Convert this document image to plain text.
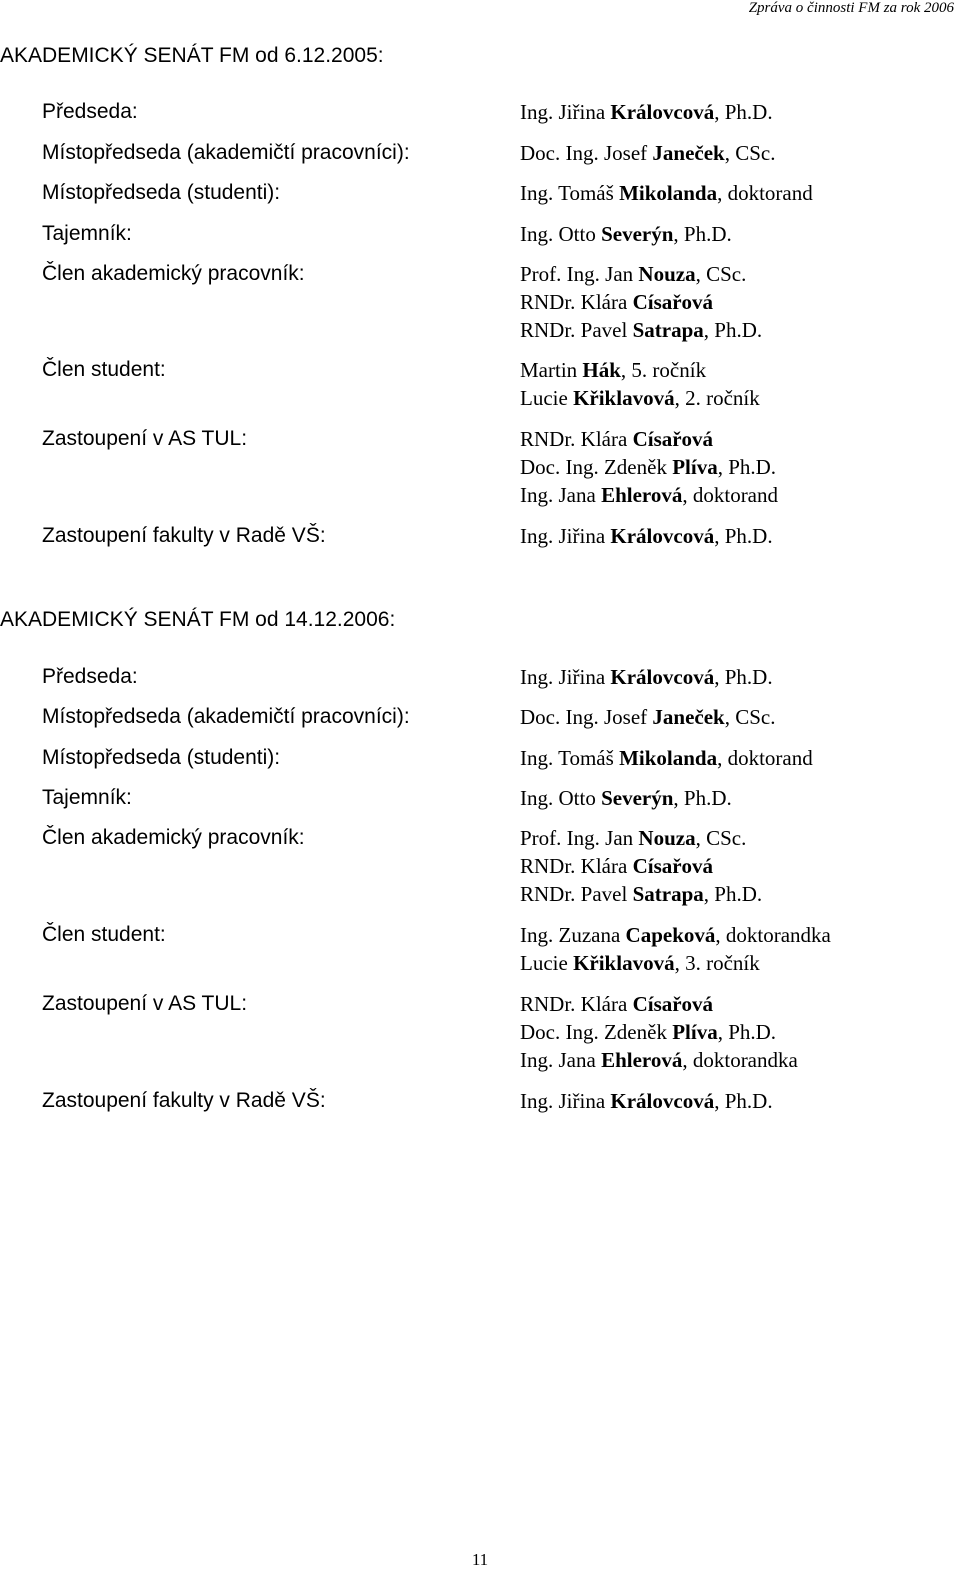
Zpráva o činnosti FM za rok 2006
AKADEMICKÝ SENÁT FM od 6.12.2005:
Předseda:	Ing. Jiřina Královcová, Ph.D.
Místopředseda (akademičtí pracovníci):	Doc. Ing. Josef Janeček, CSc.
Místopředseda (studenti):	Ing. Tomáš Mikolanda, doktorand
Tajemník:	Ing. Otto Severýn, Ph.D.
Člen akademický pracovník:	Prof. Ing. Jan Nouza, CSc.
RNDr. Klára Císařová
RNDr. Pavel Satrapa, Ph.D.
Člen student:	Martin Hák, 5. ročník
Lucie Křiklavová, 2. ročník
Zastoupení v AS TUL:	RNDr. Klára Císařová
Doc. Ing. Zdeněk Plíva, Ph.D.
Ing. Jana Ehlerová, doktorand
Zastoupení fakulty v Radě VŠ:	Ing. Jiřina Královcová, Ph.D.
AKADEMICKÝ SENÁT FM od 14.12.2006:
Předseda:	Ing. Jiřina Královcová, Ph.D.
Místopředseda (akademičtí pracovníci):	Doc. Ing. Josef Janeček, CSc.
Místopředseda (studenti):	Ing. Tomáš Mikolanda, doktorand
Tajemník:	Ing. Otto Severýn, Ph.D.
Člen akademický pracovník:	Prof. Ing. Jan Nouza, CSc.
RNDr. Klára Císařová
RNDr. Pavel Satrapa, Ph.D.
Člen student:	Ing. Zuzana Capeková, doktorandka
Lucie Křiklavová, 3. ročník
Zastoupení v AS TUL:	RNDr. Klára Císařová
Doc. Ing. Zdeněk Plíva, Ph.D.
Ing. Jana Ehlerová, doktorandka
Zastoupení fakulty v Radě VŠ:	Ing. Jiřina Královcová, Ph.D.
11
